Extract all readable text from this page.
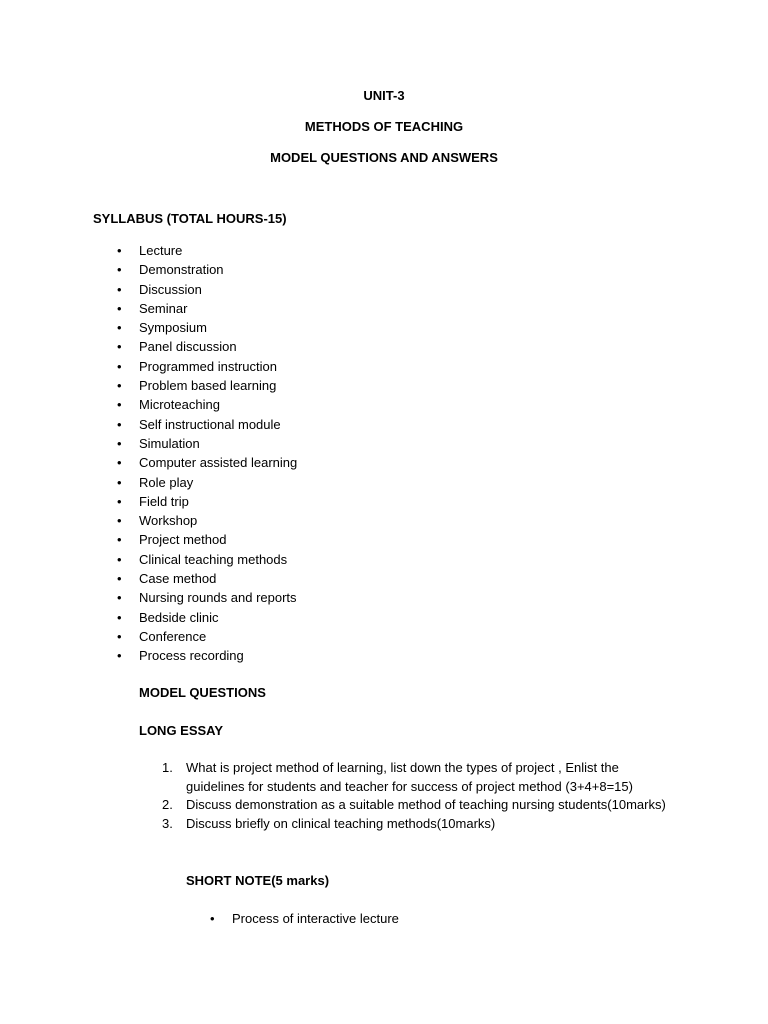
UNIT-3
METHODS OF TEACHING
MODEL QUESTIONS AND ANSWERS
SYLLABUS (TOTAL HOURS-15)
• Lecture
• Demonstration
• Discussion
• Seminar
• Symposium
• Panel discussion
• Programmed instruction
• Problem based learning
• Microteaching
• Self instructional module
• Simulation
• Computer assisted learning
• Role play
• Field trip
• Workshop
• Project method
• Clinical teaching methods
• Case method
• Nursing rounds and reports
• Bedside clinic
• Conference
• Process recording
MODEL QUESTIONS
LONG ESSAY
1. What is project method of learning, list down the types of project , Enlist the
guidelines for students and teacher for success of project method (3+4+8=15)
2. Discuss demonstration as a suitable method of teaching nursing students(10marks)
3. Discuss briefly on clinical teaching methods(10marks)
SHORT NOTE(5 marks)
• Process of interactive lecture
